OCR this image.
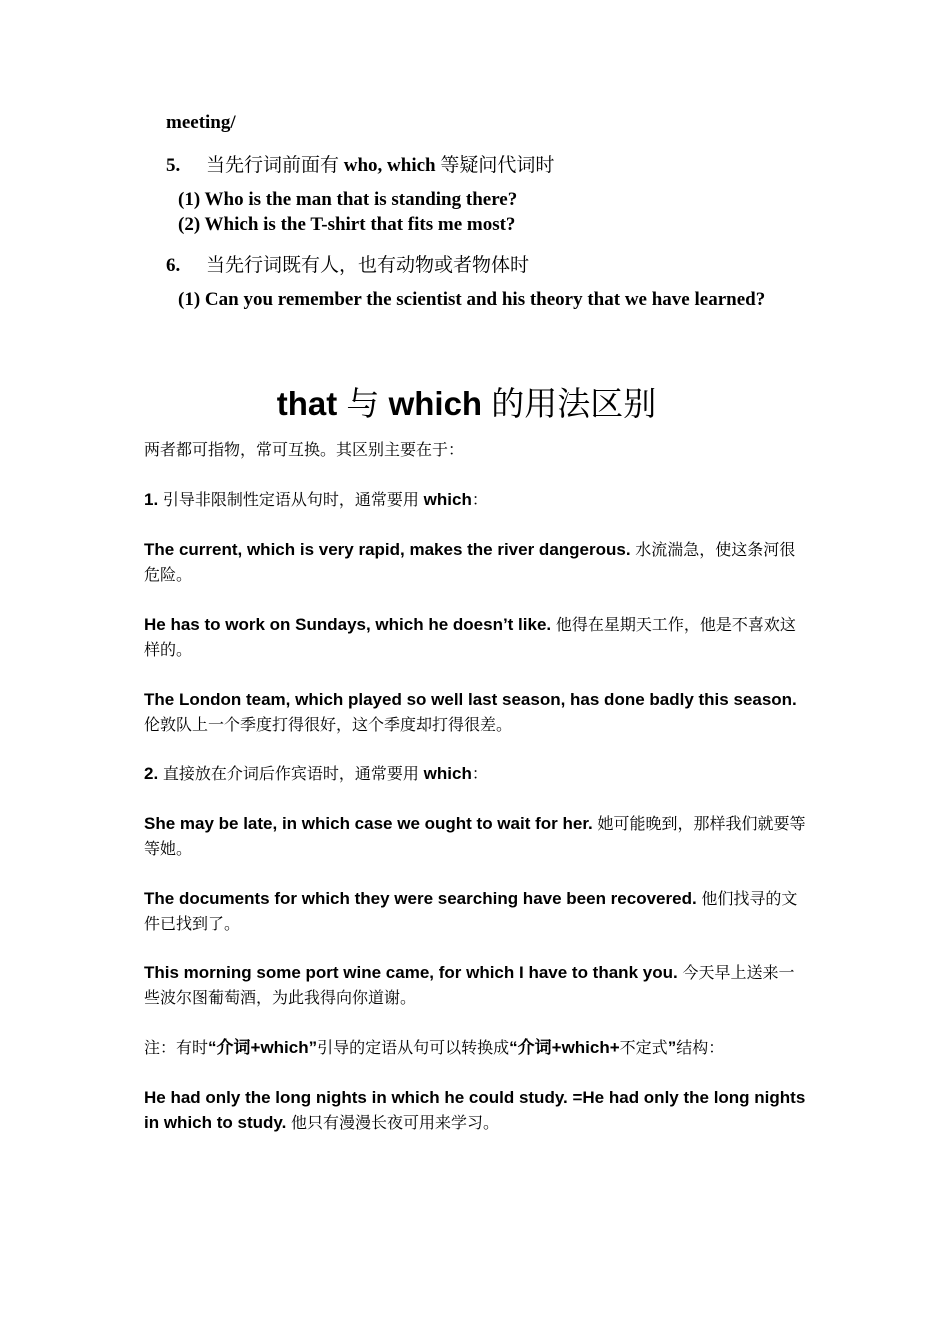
meeting/
5. 当先行词前面有 who, which 等疑问代词时
(1) Who is the man that is standing there?
(2) Which is the T-shirt that fits me most?
6. 当先行词既有人，也有动物或者物体时
(1) Can you remember the scientist and his theory that we have learned?
that 与 which 的用法区别
两者都可指物，常可互换。其区别主要在于：
1. 引导非限制性定语从句时，通常要用 which：
The current, which is very rapid, makes the river dangerous. 水流湍急，使这条河很危险。
He has to work on Sundays, which he doesn’t like. 他得在星期天工作，他是不喜欢这样的。
The London team, which played so well last season, has done badly this season. 伦敦队上一个季度打得很好，这个季度却打得很差。
2. 直接放在介词后作宾语时，通常要用 which：
She may be late, in which case we ought to wait for her. 她可能晚到，那样我们就要等等她。
The documents for which they were searching have been recovered. 他们找寻的文件已找到了。
This morning some port wine came, for which I have to thank you. 今天早上送来一些波尔图葡萄酒，为此我得向你道谢。
注：有时“介词+which”引导的定语从句可以转换成“介词+which+不定式”结构：
He had only the long nights in which he could study. =He had only the long nights in which to study. 他只有漫漫长夜可用来学习。
